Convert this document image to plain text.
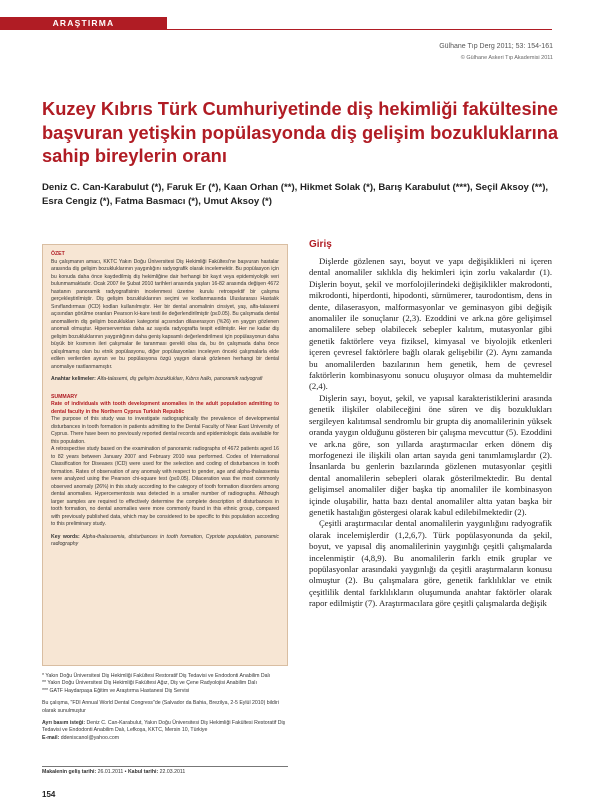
ARAŞTIRMA
Gülhane Tıp Derg 2011; 53: 154-161
© Gülhane Askeri Tıp Akademisi 2011
Kuzey Kıbrıs Türk Cumhuriyetinde diş hekimliği fakültesine başvuran yetişkin popülasyonda diş gelişim bozukluklarına sahip bireylerin oranı

Deniz C. Can-Karabulut (*), Faruk Er (*), Kaan Orhan (**), Hikmet Solak (*), Barış Karabulut (***), Seçil Aksoy (**), Esra Cengiz (*), Fatma Basmacı (*), Umut Aksoy (*)

ÖZET

Bu çalışmanın amacı, KKTC Yakın Doğu Üniversitesi Diş Hekimliği Fakültesi'ne başvuran hastalar arasında diş gelişim bozukluklarının yaygınlığını radyografik olarak incelemektir. Bu popülasyon için bu konuda daha önce kaydedilmiş diş hekimliğine dair herhangi bir kayıt veya epidemiyolojik veri bulunmamaktadır. Ocak 2007 ile Şubat 2010 tarihleri arasında yaşları 16-82 arasında değişen 4672 hastanın panoramik radyografisinin incelenmesi üzerine kurulu retrospektif bir çalışma gerçekleştirilmiştir. Diş gelişim bozukluklarının seçimi ve kodlanmasında Uluslararası Hastalık Sınıflandırması (ICD) kodları kullanılmıştır. Her bir dental anomalinin cinsiyet, yaş, alfa-talasemi açısından görülme oranları Pearson ki-kare testi ile değerlendirilmiştir (p≤0.05). Bu çalışmada dental anomalilerin diş gelişim bozuklukları kategorisi açısından dilaserasyon (%26) en yaygın gözlenen anomali olmuştur. Hiperservemtas daha az sayıda radyografta tespit edilmiştir. Her ne kadar diş gelişim bozukluklarının yaygınlığının daha geniş kapsamlı değerlendirilmesi için popülasyonun daha büyük bir kısmının ileri çalışmalar ile taranması gerekli olsa da, bu ön çalışmada daha önce çalışılmamış olan bu etnik popülasyonu, diğer popülasyonları inceleyen önceki çalışmalarla elde edilen verilerden ayıran ve bu popülasyona özgü yaygın olarak gözlenen herhangi bir dental anomaliye rastlanmamıştır.

Anahtar kelimeler: Alfa-talasemi, diş gelişim bozuklukları, Kıbrıs halkı, panoramik radyografi

SUMMARY

Rate of individuals with tooth development anomalies in the adult population admitting to dental faculty in the Northern Cyprus Turkish Republic

The purpose of this study was to investigate radiographically the prevalence of developmental disturbances in tooth formation in patients admitting to the Dental Faculty of Near East University of Cyprus. There have been no previously reported dental records and epidemiologic data available for this population.

A retrospective study based on the examination of panoramic radiographs of 4672 patients aged 16 to 82 years between January 2007 and February 2010 was performed. Codes of International Classification for Diseases (ICD) were used for the selection and coding of disturbances in tooth formation. Rates of observation of any anomaly with respect to gender, age and alpha-thalassemia were analyzed using the Pearson chi-square test (p≤0.05). Dilaceration was the most commonly observed anomaly (26%) in this study according to the category of tooth formation disorders among dental anomalies. Hypercementosis was detected in a smaller number of radiographs. Although larger samples are required to effectively determine the complete description of disturbances in tooth formation, no dental anomalies were more commonly found in this ethnic group, compared with previously published data, which may be considered to be specific to this population according to this preliminary study.

Key words: Alpha-thalassemia, disturbances in tooth formation, Cypriote population, panoramic radiography

* Yakın Doğu Üniversitesi Diş Hekimliği Fakültesi Restoratif Diş Tedavisi ve Endodonti Anabilim Dalı

** Yakın Doğu Üniversitesi Diş Hekimliği Fakültesi Ağız, Diş ve Çene Radyolojisi Anabilim Dalı

*** GATF Haydarpaşa Eğitim ve Araştırma Hastanesi Diş Servisi

Bu çalışma, "FDI Annual World Dental Congress"de (Salvador da Bahia, Brezilya, 2-5 Eylül 2010) bildiri olarak sunulmuştur

Ayrı basım isteği: Deniz C. Can-Karabulut, Yakın Doğu Üniversitesi Diş Hekimliği Fakültesi Restoratif Diş Tedavisi ve Endodonti Anabilim Dalı, Lefkoşa, KKTC, Mersin 10, Türkiye

E-mail: ddeniscanol@yahoo.com

Makalenin geliş tarihi: 26.01.2011 • Kabul tarihi: 22.03.2011
154
Giriş

Dişlerde gözlenen sayı, boyut ve yapı değişiklikleri ni içeren dental anomaliler sıklıkla diş hekimleri için zorlu vakalardır (1). Dişlerin boyut, şekil ve morfolojilerindeki değişiklikler makrodonti, mikrodonti, hiperdonti, hipodonti, sürnümerer, taurodontism, dens in dente, dilaserasyon, malformasyonlar ve geminasyon gibi değişik anomaliler ile sonuçlanır (2,3). Ezoddini ve ark.na göre gelişimsel anomalilere sebep olabilecek sebepler kalıtım, mutasyonlar gibi genetik faktörlere veya fiziksel, kimyasal ve biyolojik etkenleri içeren çevresel faktörlere bağlı olarak gelişebilir (2). Aynı zamanda bu anomalilerden bazılarının hem genetik, hem de çevresel faktörlerin kombinasyonu sonucu oluşuyor olması da muhtemeldir (2,4).

Dişlerin sayı, boyut, şekil, ve yapısal karakteristiklerini arasında genetik ilişkiler olabileceğini öne süren ve diş bozuklukları sergileyen kalıtımsal sendromlu bir grupta diş anomalilerinin yüksek oranda yaygın olduğunu gösteren bir çalışma mevcuttur (5). Ezoddini ve ark.na göre, son yıllarda araştırmacılar erken dönem diş morfogenezi ile ilişkili olan artan sayıda geni tanımlamışlardır (2). İnsanlarda bu genlerin bazılarında gözlenen mutasyonlar çeşitli dental anomalilerin sebepleri olarak gösterilmektedir. Bu dental gelişimsel anomaliler diğer başka tip anomaliler ile kombinasyon içinde oluşabilir, hatta bazı dental anomaliler altta yatan başka bir genetik hastalığın göstergesi olarak kabul edilebilmektedir (2).

Çeşitli araştırmacılar dental anomalilerin yaygınlığını radyografik olarak incelemişlerdir (1,2,6,7). Türk popülasyonunda da şekil, boyut, ve yapısal diş anomalilerinin yaygınlığı çeşitli çalışmalarda incelenmiştir (4,8,9). Bu anomalilerin farklı etnik gruplar ve popülasyonlar arasındaki yaygınlığı da çeşitli araştırmaların konusu olmuştur (2). Bu çalışmalara göre, genetik farklılıklar ve etnik çeşitlilik dental farklılıkların oluşumunda anahtar faktörler olarak rapor edilmiştir (7). Araştırmacılara göre çeşitli çalışmalarda değişik
